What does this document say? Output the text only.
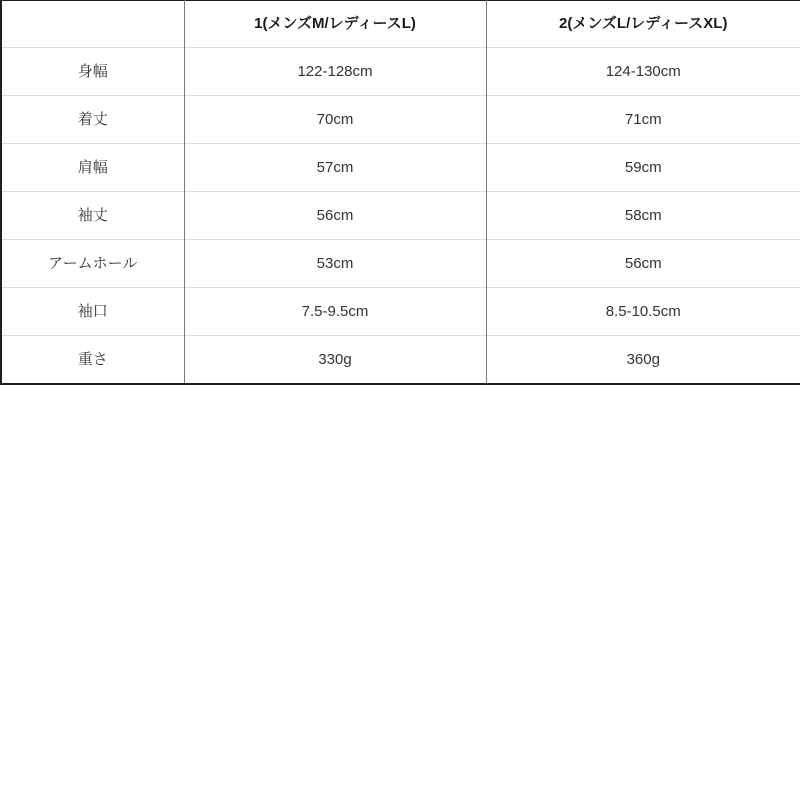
	1(メンズM/レディースL)	2(メンズL/レディースXL)
身幅	122-128cm	124-130cm
着丈	70cm	71cm
肩幅	57cm	59cm
袖丈	56cm	58cm
アームホール	53cm	56cm
袖口	7.5-9.5cm	8.5-10.5cm
重さ	330g	360g
